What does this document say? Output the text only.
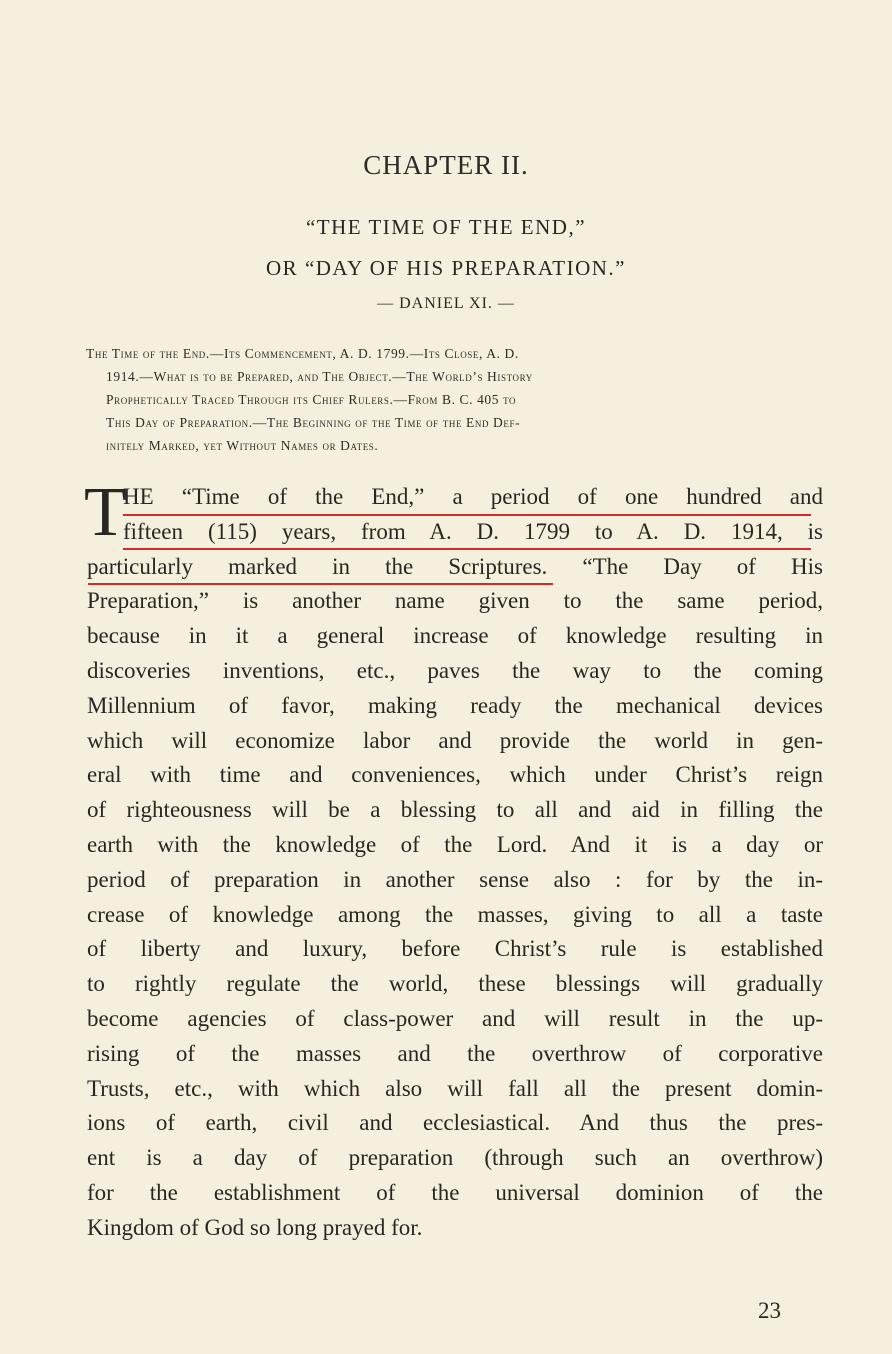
CHAPTER II.
“THE TIME OF THE END,”
OR “DAY OF HIS PREPARATION.”
— DANIEL XI. —
The Time of the End.—Its Commencement, A. D. 1799.—Its Close, A. D.
1914.—What is to be Prepared, and The Object.—The World’s History
Prophetically Traced Through its Chief Rulers.—From B. C. 405 to
This Day of Preparation.—The Beginning of the Time of the End Def-
initely Marked, yet Without Names or Dates.
T
HE “Time of the End,” a period of one hundred and
fifteen (115) years, from A. D. 1799 to A. D. 1914, is
particularly marked in the Scriptures. “The Day of His
Preparation,” is another name given to the same period,
because in it a general increase of knowledge resulting in
discoveries inventions, etc., paves the way to the coming
Millennium of favor, making ready the mechanical devices
which will economize labor and provide the world in gen-
eral with time and conveniences, which under Christ’s reign
of righteousness will be a blessing to all and aid in filling the
earth with the knowledge of the Lord. And it is a day or
period of preparation in another sense also : for by the in-
crease of knowledge among the masses, giving to all a taste
of liberty and luxury, before Christ’s rule is established
to rightly regulate the world, these blessings will gradually
become agencies of class-power and will result in the up-
rising of the masses and the overthrow of corporative
Trusts, etc., with which also will fall all the present domin-
ions of earth, civil and ecclesiastical. And thus the pres-
ent is a day of preparation (through such an overthrow)
for the establishment of the universal dominion of the
Kingdom of God so long prayed for.
23
